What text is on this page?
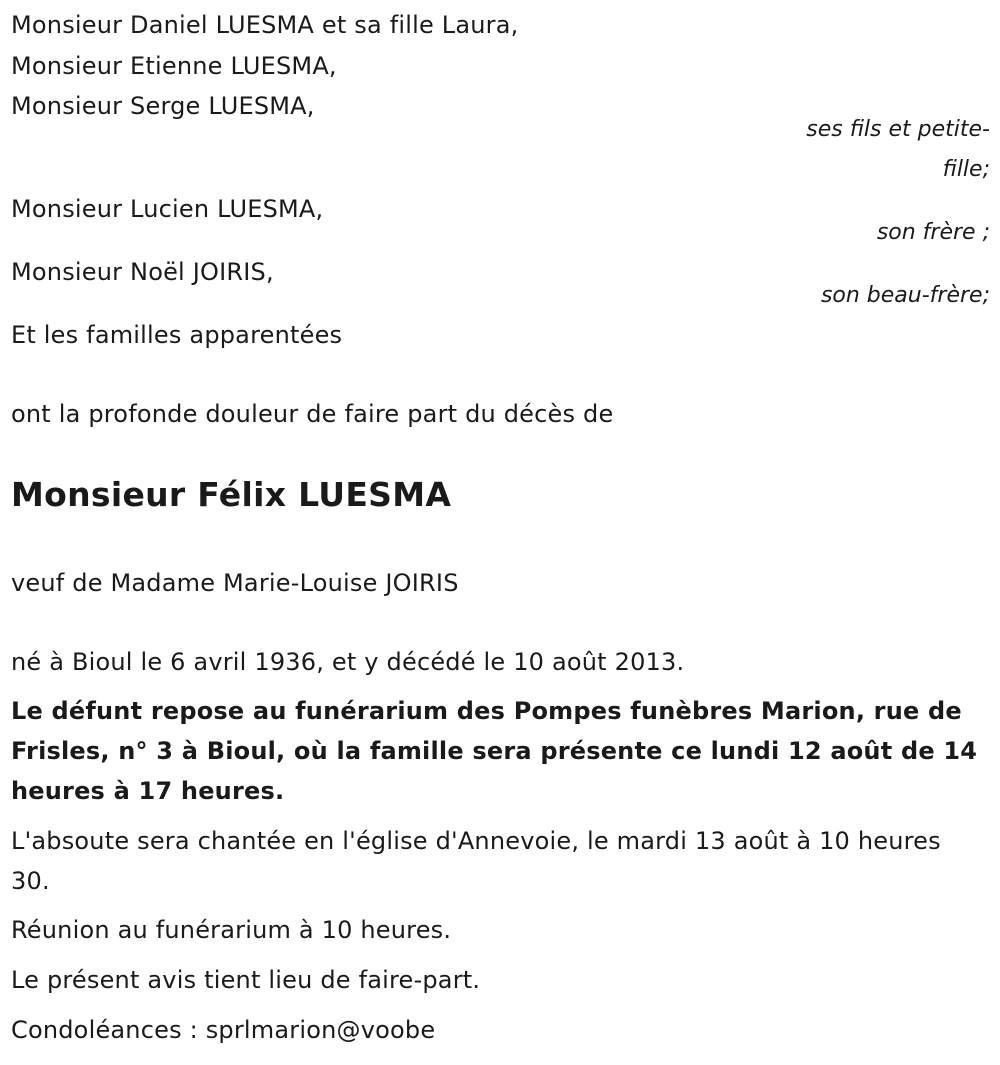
Monsieur Daniel LUESMA et sa fille Laura,
Monsieur Etienne LUESMA,
Monsieur Serge LUESMA,
ses fils et petite-
fille;
Monsieur Lucien LUESMA,
son frère ;
Monsieur Noël JOIRIS,
son beau-frère;
Et les familles apparentées
ont la profonde douleur de faire part du décès de
Monsieur Félix LUESMA
veuf de Madame Marie-Louise JOIRIS
né à Bioul le 6 avril 1936, et y décédé le 10 août 2013.
Le défunt repose au funérarium des Pompes funèbres Marion, rue de Frisles, n° 3 à Bioul, où la famille sera présente ce lundi 12 août de 14 heures à 17 heures.
L'absoute sera chantée en l'église d'Annevoie, le mardi 13 août à 10 heures 30.
Réunion au funérarium à 10 heures.
Le présent avis tient lieu de faire-part.
Condoléances : sprlmarion@voobe
